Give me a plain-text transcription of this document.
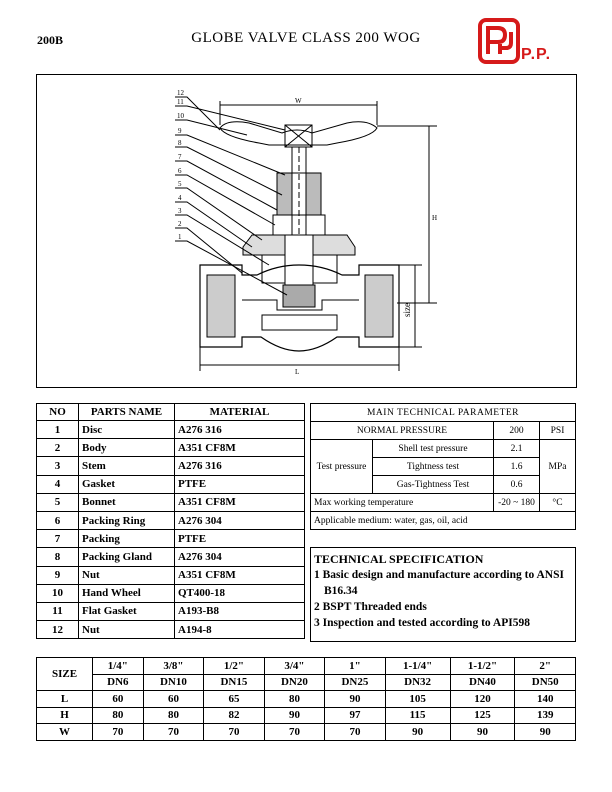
200B	GLOBE VALVE CLASS 200 WOG
P.P.
W
H
L
size
12
11
10
9
8
7
6
5
4
3
2
1
NO	PARTS NAME	MATERIAL
1	Disc	A276 316
2	Body	A351 CF8M
3	Stem	A276 316
4	Gasket	PTFE
5	Bonnet	A351 CF8M
6	Packing Ring	A276 304
7	Packing	PTFE
8	Packing Gland	A276 304
9	Nut	A351 CF8M
10	Hand Wheel	QT400-18
11	Flat Gasket	A193-B8
12	Nut	A194-8
MAIN TECHNICAL PARAMETER			
NORMAL PRESSURE		200	PSI
Test pressure	Shell test pressure	2.1	MPa
	Tightness test	1.6	
	Gas-Tightness Test	0.6	
Max working temperature		-20 ~ 180	°C
Applicable medium: water, gas, oil, acid			
TECHNICAL SPECIFICATION
1 Basic design and manufacture according to ANSI
B16.34
2 BSPT Threaded ends
3 Inspection and tested according to API598
SIZE	1/4"	3/8"	1/2"	3/4"	1"	1-1/4"	1-1/2"	2"
	DN6	DN10	DN15	DN20	DN25	DN32	DN40	DN50
L	60	60	65	80	90	105	120	140
H	80	80	82	90	97	115	125	139
W	70	70	70	70	70	90	90	90
